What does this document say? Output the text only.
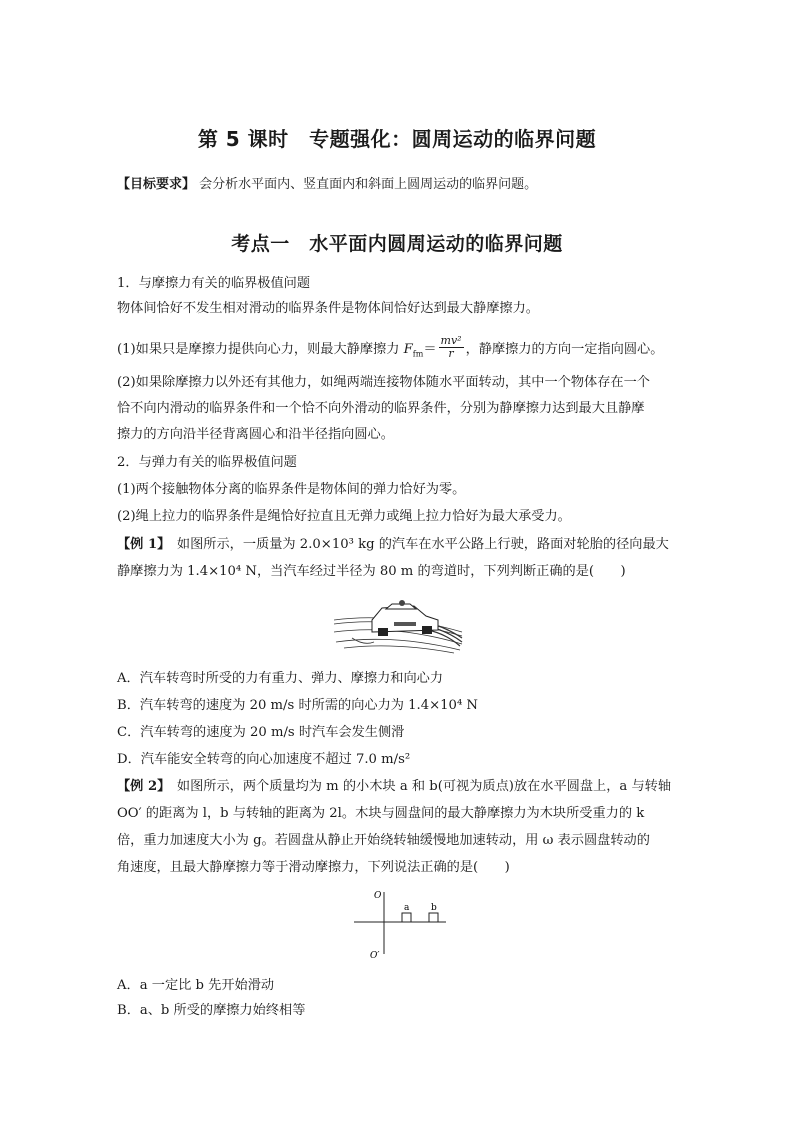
第 5 课时　专题强化：圆周运动的临界问题
【目标要求】 会分析水平面内、竖直面内和斜面上圆周运动的临界问题。
考点一　水平面内圆周运动的临界问题
1．与摩擦力有关的临界极值问题
物体间恰好不发生相对滑动的临界条件是物体间恰好达到最大静摩擦力。
(1)如果只是摩擦力提供向心力，则最大静摩擦力 $F_{fm}= \frac{\text{mv²}}{r}$ ，静摩擦力的方向一定指向圆心。
(2)如果除摩擦力以外还有其他力，如绳两端连接物体随水平面转动，其中一个物体存在一个
恰不向内滑动的临界条件和一个恰不向外滑动的临界条件，分别为静摩擦力达到最大且静摩
擦力的方向沿半径背离圆心和沿半径指向圆心。
2．与弹力有关的临界极值问题
(1)两个接触物体分离的临界条件是物体间的弹力恰好为零。
(2)绳上拉力的临界条件是绳恰好拉直且无弹力或绳上拉力恰好为最大承受力。
【例 1】　如图所示，一质量为 2.0×10³ kg 的汽车在水平公路上行驶，路面对轮胎的径向最大
静摩擦力为 1.4×10⁴ N，当汽车经过半径为 80 m 的弯道时，下列判断正确的是(　　)
A．汽车转弯时所受的力有重力、弹力、摩擦力和向心力
B．汽车转弯的速度为 20 m/s 时所需的向心力为 1.4×10⁴ N
C．汽车转弯的速度为 20 m/s 时汽车会发生侧滑
D．汽车能安全转弯的向心加速度不超过 7.0 m/s²
【例 2】　如图所示，两个质量均为 m 的小木块 a 和 b(可视为质点)放在水平圆盘上，a 与转轴
OO′ 的距离为 l，b 与转轴的距离为 2l。木块与圆盘间的最大静摩擦力为木块所受重力的 k
倍，重力加速度大小为 g。若圆盘从静止开始绕转轴缓慢地加速转动，用 ω 表示圆盘转动的
角速度，且最大静摩擦力等于滑动摩擦力，下列说法正确的是(　　)
O
O′
a b
A．a 一定比 b 先开始滑动
B．a、b 所受的摩擦力始终相等
